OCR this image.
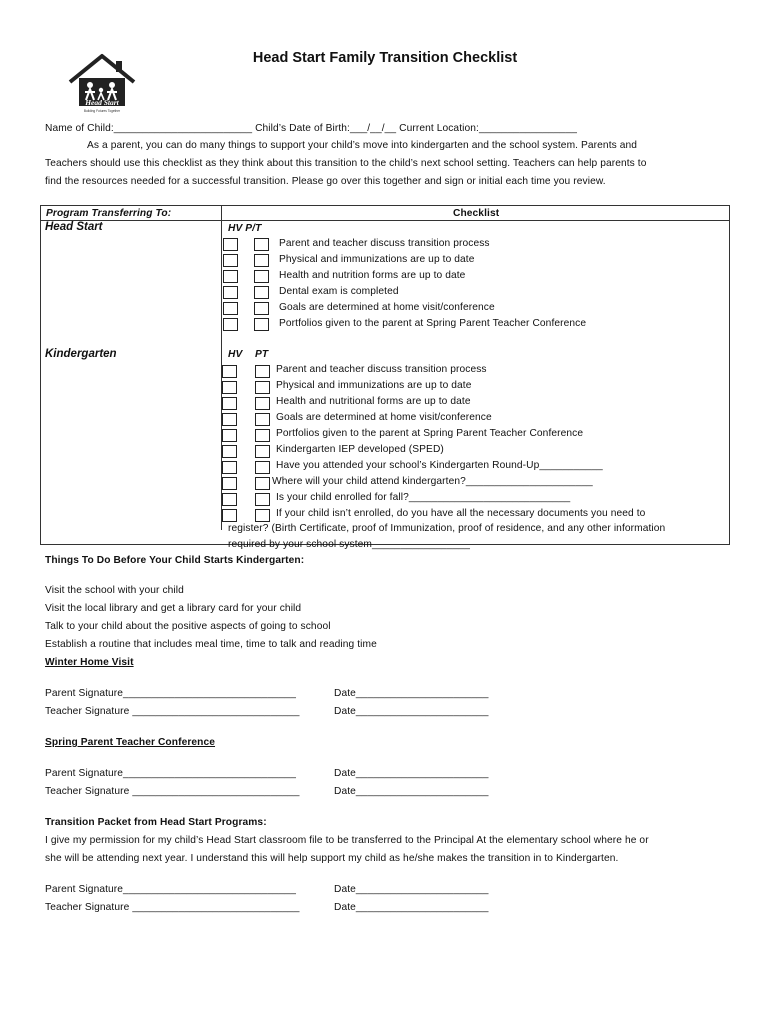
Head Start
Building Futures Together
Head Start Family Transition Checklist
Name of Child:________________________ Child’s Date of Birth:___/__/__ Current Location:_________________
As a parent, you can do many things to support your child’s move into kindergarten and the school system. Parents and
Teachers should use this checklist as they think about this transition to the child’s next school setting. Teachers can help parents to
find the resources needed for a successful transition. Please go over this together and sign or initial each time you review.
Program Transferring To:	Checklist
Head Start	HV P/T
Parent and teacher discuss transition process
Physical and immunizations are up to date
Health and nutrition forms are up to date
Dental exam is completed
Goals are determined at home visit/conference
Portfolios given to the parent at Spring Parent Teacher Conference
Kindergarten	HV PT
Parent and teacher discuss transition process
Physical and immunizations are up to date
Health and nutritional forms are up to date
Goals are determined at home visit/conference
Portfolios given to the parent at Spring Parent Teacher Conference
Kindergarten IEP developed (SPED)
Have you attended your school’s Kindergarten Round-Up___________
Where will your child attend kindergarten?______________________
Is your child enrolled for fall?____________________________
If your child isn’t enrolled, do you have all the necessary documents you need to
register? (Birth Certificate, proof of Immunization, proof of residence, and any other information
required by your school system_________________
Things To Do Before Your Child Starts Kindergarten:
Visit the school with your child
Visit the local library and get a library card for your child
Talk to your child about the positive aspects of going to school
Establish a routine that includes meal time, time to talk and reading time
Winter Home Visit
Parent Signature______________________________	Date_______________________
Teacher Signature _____________________________	Date_______________________
Spring Parent Teacher Conference
Parent Signature______________________________	Date_______________________
Teacher Signature _____________________________	Date_______________________
Transition Packet from Head Start Programs:
I give my permission for my child’s Head Start classroom file to be transferred to the Principal At the elementary school where he or
she will be attending next year. I understand this will help support my child as he/she makes the transition in to Kindergarten.
Parent Signature______________________________	Date_______________________
Teacher Signature _____________________________	Date_______________________
